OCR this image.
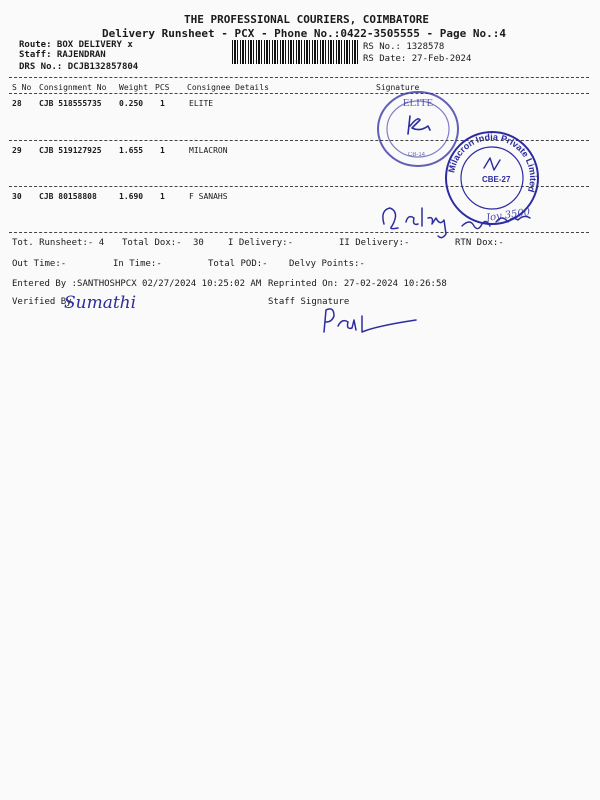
THE PROFESSIONAL COURIERS, COIMBATORE
Delivery Runsheet - PCX - Phone No.:0422-3505555 - Page No.:4
Route: BOX DELIVERY x
Staff: RAJENDRAN
DRS No.: DCJB132857804
RS No.: 1328578
RS Date: 27-Feb-2024
S No Consignment No Weight PCS Consignee Details	Signature
28 CJB 518555735 0.250 1	ELITE
29 CJB 519127925 1.655 1	MILACRON
30 CJB 80158808	1.690 1	F SANAHS
Tot. Runsheet:- 4 Total Dox:- 30	I Delivery:-	II Delivery:-	RTN Dox:-
Out Time:-	In Time:-	Total POD:- Delvy Points:-
Entered By :SANTHOSHPCX 02/27/2024 10:25:02 AM Reprinted On: 27-02-2024 10:26:58
Verified By	Staff Signature
ELITE
CB-14
Milacron India Private Limited
CBE-27
Joy 3500
Sumathi
